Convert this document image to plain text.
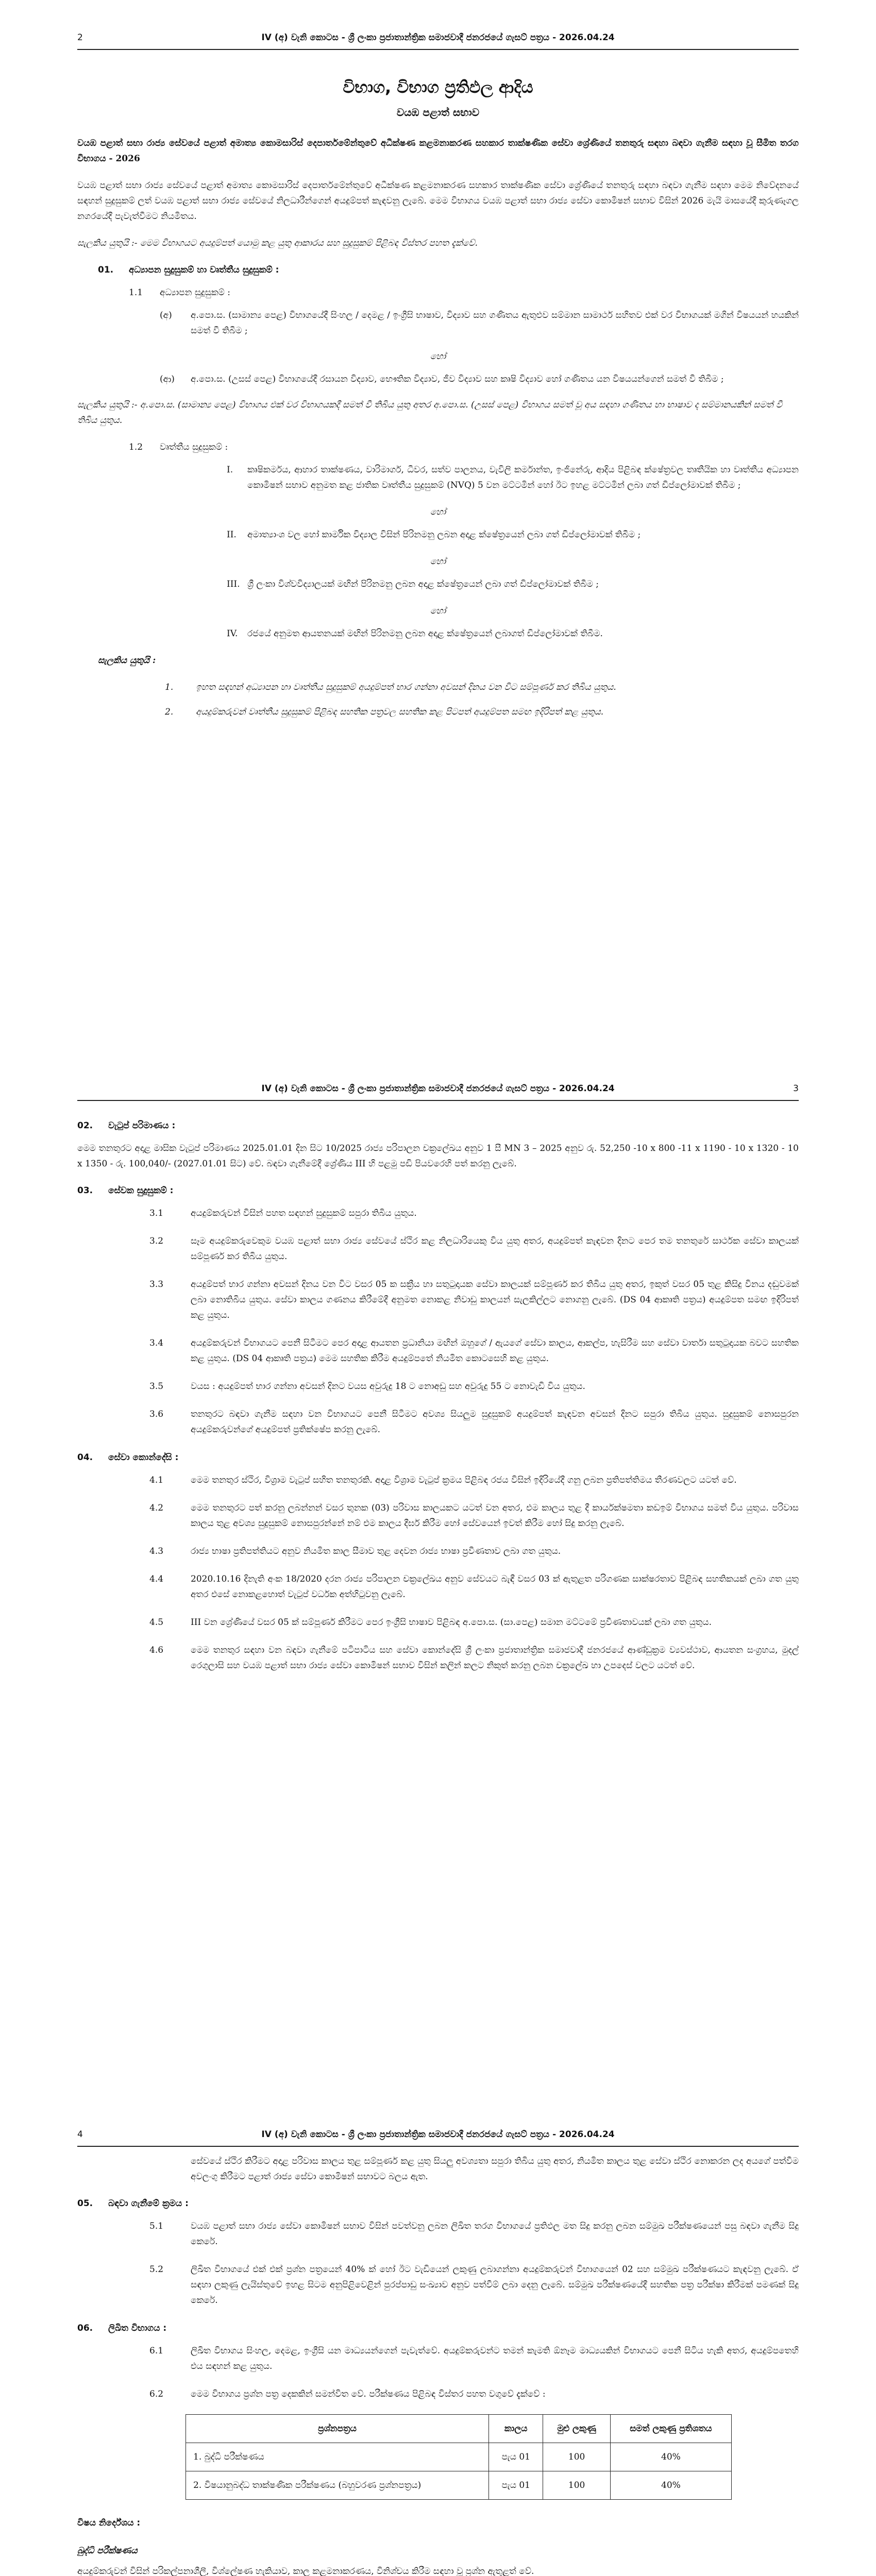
2	IV (අ) වැනි කොටස - ශ්‍රී ලංකා ප්‍රජාතාන්ත්‍රික සමාජවාදී ජනරජයේ ගැසට් පත්‍රය - 2026.04.24
විභාග, විභාග ප්‍රතිඵල ආදිය
වයඹ පළාත් සභාව
වයඹ පළාත් සභා රාජ්‍ය සේවයේ පළාත් අමාත්‍ය කොමසාරිස් දෙපාර්තමේන්තුවේ අධීක්ෂණ කළමනාකරණ සහකාර තාක්ෂණික සේවා ශ්‍රේණියේ තනතුරු සඳහා බඳවා ගැනීම සඳහා වූ සීමිත තරග විභාගය - 2026
වයඹ පළාත් සභා රාජ්‍ය සේවයේ පළාත් අමාත්‍ය කොමසාරිස් දෙපාර්තමේන්තුවේ අධීක්ෂණ කළමනාකරණ සහකාර තාක්ෂණික සේවා ශ්‍රේණියේ තනතුරු සඳහා බඳවා ගැනීම සඳහා මෙම නිවේදනයේ සඳහන් සුදුසුකම් ලත් වයඹ පළාත් සභා රාජ්‍ය සේවයේ නිලධාරීන්ගෙන් අයදුම්පත් කැඳවනු ලැබේ. මෙම විභාගය වයඹ පළාත් සභා රාජ්‍ය සේවා කොමිෂන් සභාව විසින් 2026 මැයි මාසයේදී කුරුණෑගල නගරයේදී පැවැත්වීමට නියමිතය.
සැලකිය යුතුයි :- මෙම විභාගයට අයදුම්පත් යොමු කළ යුතු ආකාරය සහ සුදුසුකම් පිළිබඳ විස්තර පහත දැක්වේ.
01. අධ්‍යාපන සුදුසුකම් හා වෘත්තීය සුදුසුකම් :
1.1 අධ්‍යාපන සුදුසුකම් :
(අ) අ.පො.ස. (සාමාන්‍ය පෙළ) විභාගයේදී සිංහල / දෙමළ / ඉංග්‍රීසි භාෂාව, විද්‍යාව සහ ගණිතය ඇතුළුව සම්මාන සාමාර්ථ සහිතව එක් වර විභාගයක් මගින් විෂයයන් හයකින් සමත් වී තිබීම ;
හෝ
(ආ) අ.පො.ස. (උසස් පෙළ) විභාගයේදී රසායන විද්‍යාව, භෞතික විද්‍යාව, ජීව විද්‍යාව සහ කෘෂි විද්‍යාව හෝ ගණිතය යන විෂයයන්ගෙන් සමත් වී තිබීම ;
සැලකිය යුතුයි :- අ.පො.ස. (සාමාන්‍ය පෙළ) විභාගය එක් වර විභාගයකදී සමත් වී තිබිය යුතු අතර අ.පො.ස. (උසස් පෙළ) විභාගය සමත් වූ අය සඳහා ගණිතය හා භාෂාව ද සම්මානයකින් සමත් වී තිබිය යුතුය.
1.2 වෘත්තීය සුදුසුකම් :
I. කෘෂිකර්මය, ආහාර තාක්ෂණය, වාරිමාර්ග, ධීවර, සත්ව පාලනය, වැවිලි කර්මාන්ත, ඉංජිනේරු, ආදිය පිළිබඳ ක්ෂේත්‍රවල තෘතීයික හා වෘත්තීය අධ්‍යාපන කොමිෂන් සභාව අනුමත කළ ජාතික වෘත්තීය සුදුසුකම් (NVQ) 5 වන මට්ටමින් හෝ ඊට ඉහළ මට්ටමින් ලබා ගත් ඩිප්ලෝමාවක් තිබීම ;
හෝ
II. අමාත්‍යාංශ වල හෝ කාර්මික විද්‍යාල විසින් පිරිනමනු ලබන අදාළ ක්ෂේත්‍රයෙන් ලබා ගත් ඩිප්ලෝමාවක් තිබීම ;
හෝ
III. ශ්‍රී ලංකා විශ්වවිද්‍යාලයක් මඟින් පිරිනමනු ලබන අදාළ ක්ෂේත්‍රයෙන් ලබා ගත් ඩිප්ලෝමාවක් තිබීම ;
හෝ
IV. රජයේ අනුමත ආයතනයක් මඟින් පිරිනමනු ලබන අදාළ ක්ෂේත්‍රයෙන් ලබාගත් ඩිප්ලෝමාවක් තිබීම.
සැලකිය යුතුයි :
1.	ඉහත සඳහන් අධ්‍යාපන හා වෘත්තීය සුදුසුකම් අයදුම්පත් භාර ගන්නා අවසන් දිනය වන විට සම්පූර්ණ කර තිබිය යුතුය.
2.	අයදුම්කරුවන් වෘත්තීය සුදුසුකම් පිළිබඳ සහතික පත්‍රවල සහතික කළ පිටපත් අයදුම්පත සමඟ ඉදිරිපත් කළ යුතුය.
IV (අ) වැනි කොටස - ශ්‍රී ලංකා ප්‍රජාතාන්ත්‍රික සමාජවාදී ජනරජයේ ගැසට් පත්‍රය - 2026.04.24	3
02. වැටුප් පරිමාණය :
මෙම තනතුරට අදාළ මාසික වැටුප් පරිමාණය 2025.01.01 දින සිට 10/2025 රාජ්‍ය පරිපාලන චක්‍රලේඛය අනුව 1 සී MN 3 – 2025 අනුව රු. 52,250 -10 x 800 -11 x 1190 - 10 x 1320 - 10 x 1350 - රු. 100,040/- (2027.01.01 සිට) වේ. බඳවා ගැනීමේදී ශ්‍රේණිය III හි පළමු පඩි පියවරෙහි පත් කරනු ලැබේ.
03. සේවක සුදුසුකම් :
3.1	අයදුම්කරුවන් විසින් පහත සඳහන් සුදුසුකම් සපුරා තිබිය යුතුය.
3.2	සෑම අයදුම්කරුවෙකුම වයඹ පළාත් සභා රාජ්‍ය සේවයේ ස්ථිර කළ නිලධාරියෙකු විය යුතු අතර, අයදුම්පත් කැඳවන දිනට පෙර තම තනතුරේ සාර්ථක සේවා කාලයක් සම්පූර්ණ කර තිබිය යුතුය.
3.3	අයදුම්පත් භාර ගන්නා අවසන් දිනය වන විට වසර 05 ක සක්‍රීය හා සතුටුදායක සේවා කාලයක් සම්පූර්ණ කර තිබිය යුතු අතර, ඉකුත් වසර 05 තුළ කිසිදු විනය දඬුවමක් ලබා නොතිබිය යුතුය. සේවා කාලය ගණනය කිරීමේදී අනුමත නොකළ නිවාඩු කාලයන් සැලකිල්ලට නොගනු ලැබේ. (DS 04 ආකෘති පත්‍රය) අයදුම්පත සමඟ ඉදිරිපත් කළ යුතුය.
3.4	අයදුම්කරුවන් විභාගයට පෙනී සිටීමට පෙර අදාළ ආයතන ප්‍රධානියා මඟින් ඔහුගේ / ඇයගේ සේවා කාලය, ආකල්ප, හැසිරීම සහ සේවා වාර්තා සතුටුදායක බවට සහතික කළ යුතුය. (DS 04 ආකෘති පත්‍රය) මෙම සහතික කිරීම අයදුම්පතේ නියමිත කොටසෙහි කළ යුතුය.
3.5	වයස : අයදුම්පත් භාර ගන්නා අවසන් දිනට වයස අවුරුදු 18 ට නොඅඩු සහ අවුරුදු 55 ට නොවැඩි විය යුතුය.
3.6	තනතුරට බඳවා ගැනීම සඳහා වන විභාගයට පෙනී සිටීමට අවශ්‍ය සියලුම සුදුසුකම් අයදුම්පත් කැඳවන අවසන් දිනට සපුරා තිබිය යුතුය. සුදුසුකම් නොසපුරන අයදුම්කරුවන්ගේ අයදුම්පත් ප්‍රතික්ෂේප කරනු ලැබේ.
04. සේවා කොන්දේසි :
4.1	මෙම තනතුර ස්ථිර, විශ්‍රාම වැටුප් සහිත තනතුරකි. අදාළ විශ්‍රාම වැටුප් ක්‍රමය පිළිබඳ රජය විසින් ඉදිරියේදී ගනු ලබන ප්‍රතිපත්තිමය තීරණවලට යටත් වේ.
4.2	මෙම තනතුරට පත් කරනු ලබන්නන් වසර තුනක (03) පරිවාස කාලයකට යටත් වන අතර, එම කාලය තුළ දී කාර්යක්ෂමතා කඩඉම් විභාගය සමත් විය යුතුය. පරිවාස කාලය තුළ අවශ්‍ය සුදුසුකම් නොසපුරන්නේ නම් එම කාලය දීර්ඝ කිරීම හෝ සේවයෙන් ඉවත් කිරීම හෝ සිදු කරනු ලැබේ.
4.3	රාජ්‍ය භාෂා ප්‍රතිපත්තියට අනුව නියමිත කාල සීමාව තුළ දෙවන රාජ්‍ය භාෂා ප්‍රවීණතාව ලබා ගත යුතුය.
4.4	2020.10.16 දිනැති අංක 18/2020 දරන රාජ්‍ය පරිපාලන චක්‍රලේඛය අනුව සේවයට බැඳී වසර 03 ක් ඇතුළත පරිගණක සාක්ෂරතාව පිළිබඳ සහතිකයක් ලබා ගත යුතු අතර එසේ නොකළහොත් වැටුප් වර්ධක අත්හිටුවනු ලැබේ.
4.5	III වන ශ්‍රේණියේ වසර 05 ක් සම්පූර්ණ කිරීමට පෙර ඉංග්‍රීසි භාෂාව පිළිබඳ අ.පො.ස. (සා.පෙළ) සමාන මට්ටමේ ප්‍රවීණතාවයක් ලබා ගත යුතුය.
4.6	මෙම තනතුර සඳහා වන බඳවා ගැනීමේ පටිපාටිය සහ සේවා කොන්දේසි ශ්‍රී ලංකා ප්‍රජාතාන්ත්‍රික සමාජවාදී ජනරජයේ ආණ්ඩුක්‍රම ව්‍යවස්ථාව, ආයතන සංග්‍රහය, මුදල් රෙගුලාසි සහ වයඹ පළාත් සභා රාජ්‍ය සේවා කොමිෂන් සභාව විසින් කලින් කලට නිකුත් කරනු ලබන චක්‍රලේඛ හා උපදෙස් වලට යටත් වේ.
4	IV (අ) වැනි කොටස - ශ්‍රී ලංකා ප්‍රජාතාන්ත්‍රික සමාජවාදී ජනරජයේ ගැසට් පත්‍රය - 2026.04.24
සේවයේ ස්ථිර කිරීමට අදාළ පරිවාස කාලය තුළ සම්පූර්ණ කළ යුතු සියලු අවශ්‍යතා සපුරා තිබිය යුතු අතර, නියමිත කාලය තුළ සේවා ස්ථිර නොකරන ලද අයගේ පත්වීම අවලංගු කිරීමට පළාත් රාජ්‍ය සේවා කොමිෂන් සභාවට බලය ඇත.
05. බඳවා ගැනීමේ ක්‍රමය :
5.1	වයඹ පළාත් සභා රාජ්‍ය සේවා කොමිෂන් සභාව විසින් පවත්වනු ලබන ලිඛිත තරග විභාගයේ ප්‍රතිඵල මත සිදු කරනු ලබන සම්මුඛ පරීක්ෂණයෙන් පසු බඳවා ගැනීම සිදු කෙරේ.
5.2	ලිඛිත විභාගයේ එක් එක් ප්‍රශ්න පත්‍රයෙන් 40% ක් හෝ ඊට වැඩියෙන් ලකුණු ලබාගන්නා අයදුම්කරුවන් විභාගයෙන් 02 සහ සම්මුඛ පරීක්ෂණයට කැඳවනු ලැබේ. ඒ සඳහා ලකුණු ලැයිස්තුවේ ඉහළ සිටම අනුපිළිවෙළින් පුරප්පාඩු සංඛ්‍යාව අනුව පත්වීම් ලබා දෙනු ලැබේ. සම්මුඛ පරීක්ෂණයේදී සහතික පත්‍ර පරීක්ෂා කිරීමක් පමණක් සිදු කෙරේ.
06. ලිඛිත විභාගය :
6.1	ලිඛිත විභාගය සිංහල, දෙමළ, ඉංග්‍රීසි යන මාධ්‍යයන්ගෙන් පැවැත්වේ. අයදුම්කරුවන්ට තමන් කැමති ඕනෑම මාධ්‍යයකින් විභාගයට පෙනී සිටිය හැකි අතර, අයදුම්පතෙහි එය සඳහන් කළ යුතුය.
6.2	මෙම විභාගය ප්‍රශ්න පත්‍ර දෙකකින් සමන්විත වේ. පරීක්ෂණය පිළිබඳ විස්තර පහත වගුවේ දැක්වේ :
ප්‍රශ්නපත්‍රය	කාලය	මුළු ලකුණු	සමත් ලකුණු ප්‍රතිශතය
1. බුද්ධි පරීක්ෂණය	පැය 01	100	40%
2. විෂයානුබද්ධ තාක්ෂණික පරීක්ෂණය (බහුවරණ ප්‍රශ්නපත්‍රය)	පැය 01	100	40%
විෂය නිර්දේශය :
බුද්ධි පරීක්ෂණය
අයදුම්කරුවන් විසින් පරිකල්පනාශීලී, විශ්ලේෂණ හැකියාව, කාල කළමනාකරණය, විනිශ්චය කිරීම සඳහා වූ ප්‍රශ්න ඇතුළත් වේ.
